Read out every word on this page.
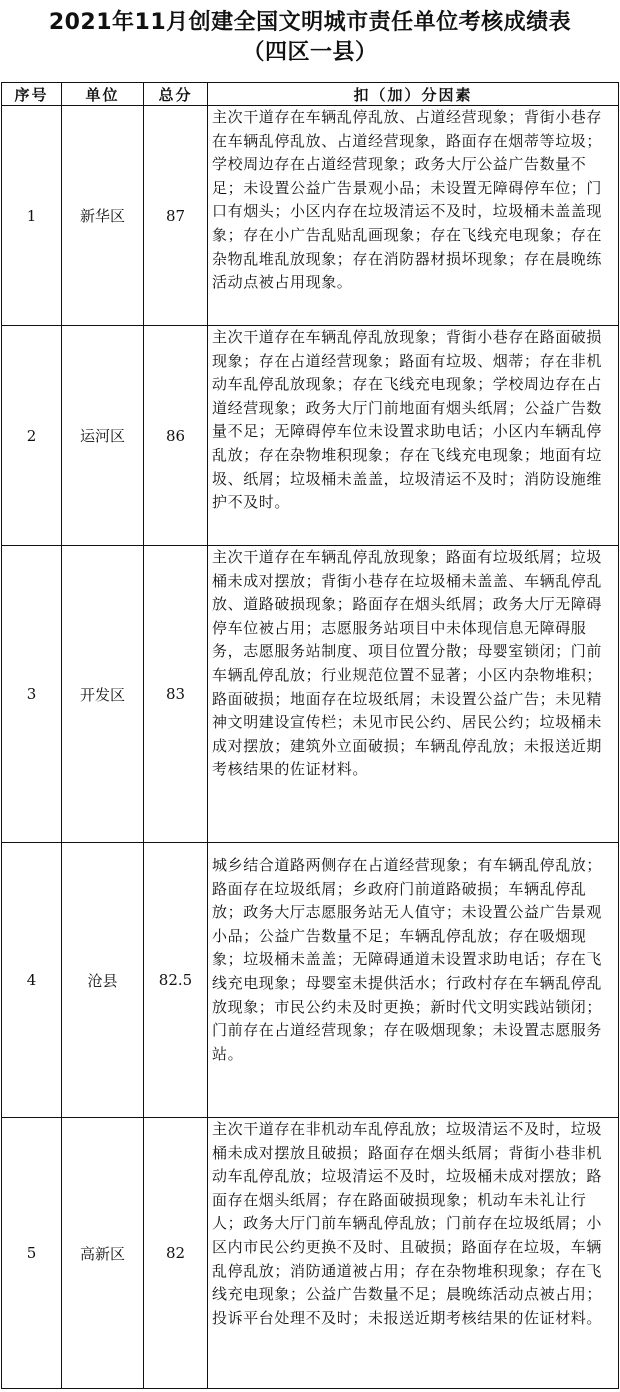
2021年11月创建全国文明城市责任单位考核成绩表
（四区一县）
序号	单位	总分	扣（加）分因素
1	新华区	87	主次干道存在车辆乱停乱放、占道经营现象；背街小巷存在车辆乱停乱放、占道经营现象，路面存在烟蒂等垃圾；学校周边存在占道经营现象；政务大厅公益广告数量不足；未设置公益广告景观小品；未设置无障碍停车位；门口有烟头；小区内存在垃圾清运不及时，垃圾桶未盖盖现象；存在小广告乱贴乱画现象；存在飞线充电现象；存在杂物乱堆乱放现象；存在消防器材损坏现象；存在晨晚练活动点被占用现象。

2	运河区	86	主次干道存在车辆乱停乱放现象；背街小巷存在路面破损现象；存在占道经营现象；路面有垃圾、烟蒂；存在非机动车乱停乱放现象；存在飞线充电现象；学校周边存在占道经营现象；政务大厅门前地面有烟头纸屑；公益广告数量不足；无障碍停车位未设置求助电话；小区内车辆乱停乱放；存在杂物堆积现象；存在飞线充电现象；地面有垃圾、纸屑；垃圾桶未盖盖，垃圾清运不及时；消防设施维护不及时。

3	开发区	83	主次干道存在车辆乱停乱放现象；路面有垃圾纸屑；垃圾桶未成对摆放；背街小巷存在垃圾桶未盖盖、车辆乱停乱放、道路破损现象；路面存在烟头纸屑；政务大厅无障碍停车位被占用；志愿服务站项目中未体现信息无障碍服务，志愿服务站制度、项目位置分散；母婴室锁闭；门前车辆乱停乱放；行业规范位置不显著；小区内杂物堆积；路面破损；地面存在垃圾纸屑；未设置公益广告；未见精神文明建设宣传栏；未见市民公约、居民公约；垃圾桶未成对摆放；建筑外立面破损；车辆乱停乱放；未报送近期考核结果的佐证材料。

4	沧县	82.5	城乡结合道路两侧存在占道经营现象；有车辆乱停乱放；路面存在垃圾纸屑；乡政府门前道路破损；车辆乱停乱放；政务大厅志愿服务站无人值守；未设置公益广告景观小品；公益广告数量不足；车辆乱停乱放；存在吸烟现象；垃圾桶未盖盖；无障碍通道未设置求助电话；存在飞线充电现象；母婴室未提供活水；行政村存在车辆乱停乱放现象；市民公约未及时更换；新时代文明实践站锁闭；门前存在占道经营现象；存在吸烟现象；未设置志愿服务站。

5	高新区	82	主次干道存在非机动车乱停乱放；垃圾清运不及时，垃圾桶未成对摆放且破损；路面存在烟头纸屑；背街小巷非机动车乱停乱放；垃圾清运不及时，垃圾桶未成对摆放；路面存在烟头纸屑；存在路面破损现象；机动车未礼让行人；政务大厅门前车辆乱停乱放；门前存在垃圾纸屑；小区内市民公约更换不及时、且破损；路面存在垃圾，车辆乱停乱放；消防通道被占用；存在杂物堆积现象；存在飞线充电现象；公益广告数量不足；晨晚练活动点被占用；投诉平台处理不及时；未报送近期考核结果的佐证材料。
